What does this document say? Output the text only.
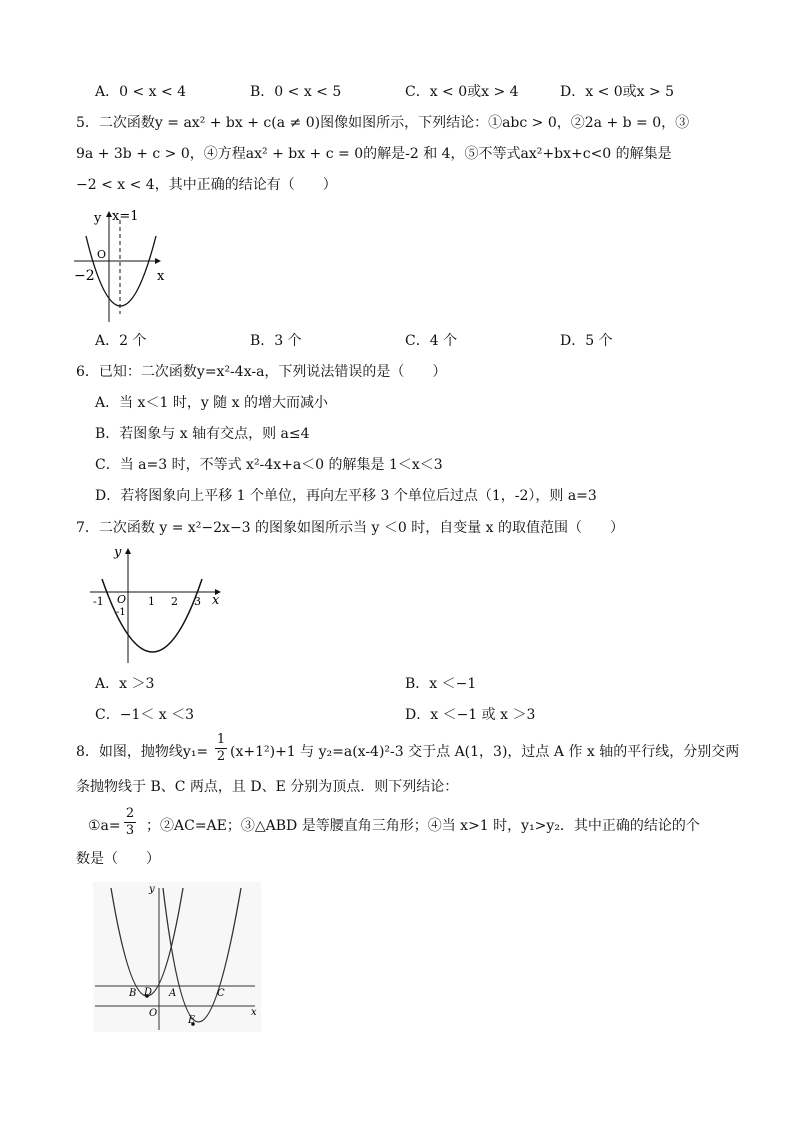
A．0 < x < 4	B．0 < x < 5	C．x < 0或x > 4	D．x < 0或x > 5
5．二次函数y = ax² + bx + c(a ≠ 0)图像如图所示，下列结论：①abc > 0，②2a + b = 0，③
9a + 3b + c > 0，④方程ax² + bx + c = 0的解是-2 和 4，⑤不等式ax²+bx+c<0 的解集是
−2 < x < 4，其中正确的结论有（　　）
y x=1
O
−2	x
A．2 个	B．3 个	C．4 个	D．5 个
6．已知：二次函数y=x²-4x-a，下列说法错误的是（　　）
A．当 x＜1 时，y 随 x 的增大而减小
B．若图象与 x 轴有交点，则 a≤4
C．当 a=3 时，不等式 x²-4x+a＜0 的解集是 1＜x＜3
D．若将图象向上平移 1 个单位，再向左平移 3 个单位后过点（1，-2），则 a=3
7．二次函数 y = x²−2x−3 的图象如图所示当 y ＜0 时，自变量 x 的取值范围（　　）
y
x
O
-1	1 2 3
-1
A．x ＞3	B．x ＜−1
C．−1＜ x ＜3	D．x ＜−1 或 x ＞3
8．如图，抛物线y₁=
1
2 (x+1²)+1 与 y₂=a(x-4)²-3 交于点 A(1，3)，过点 A 作 x 轴的平行线，分别交两
条抛物线于 B、C 两点，且 D、E 分别为顶点．则下列结论：
①a=
2
3 ；②AC=AE；③△ABD 是等腰直角三角形；④当 x>1 时，y₁>y₂．其中正确的结论的个
数是（　　）
y
x
O
B D A	C
E
